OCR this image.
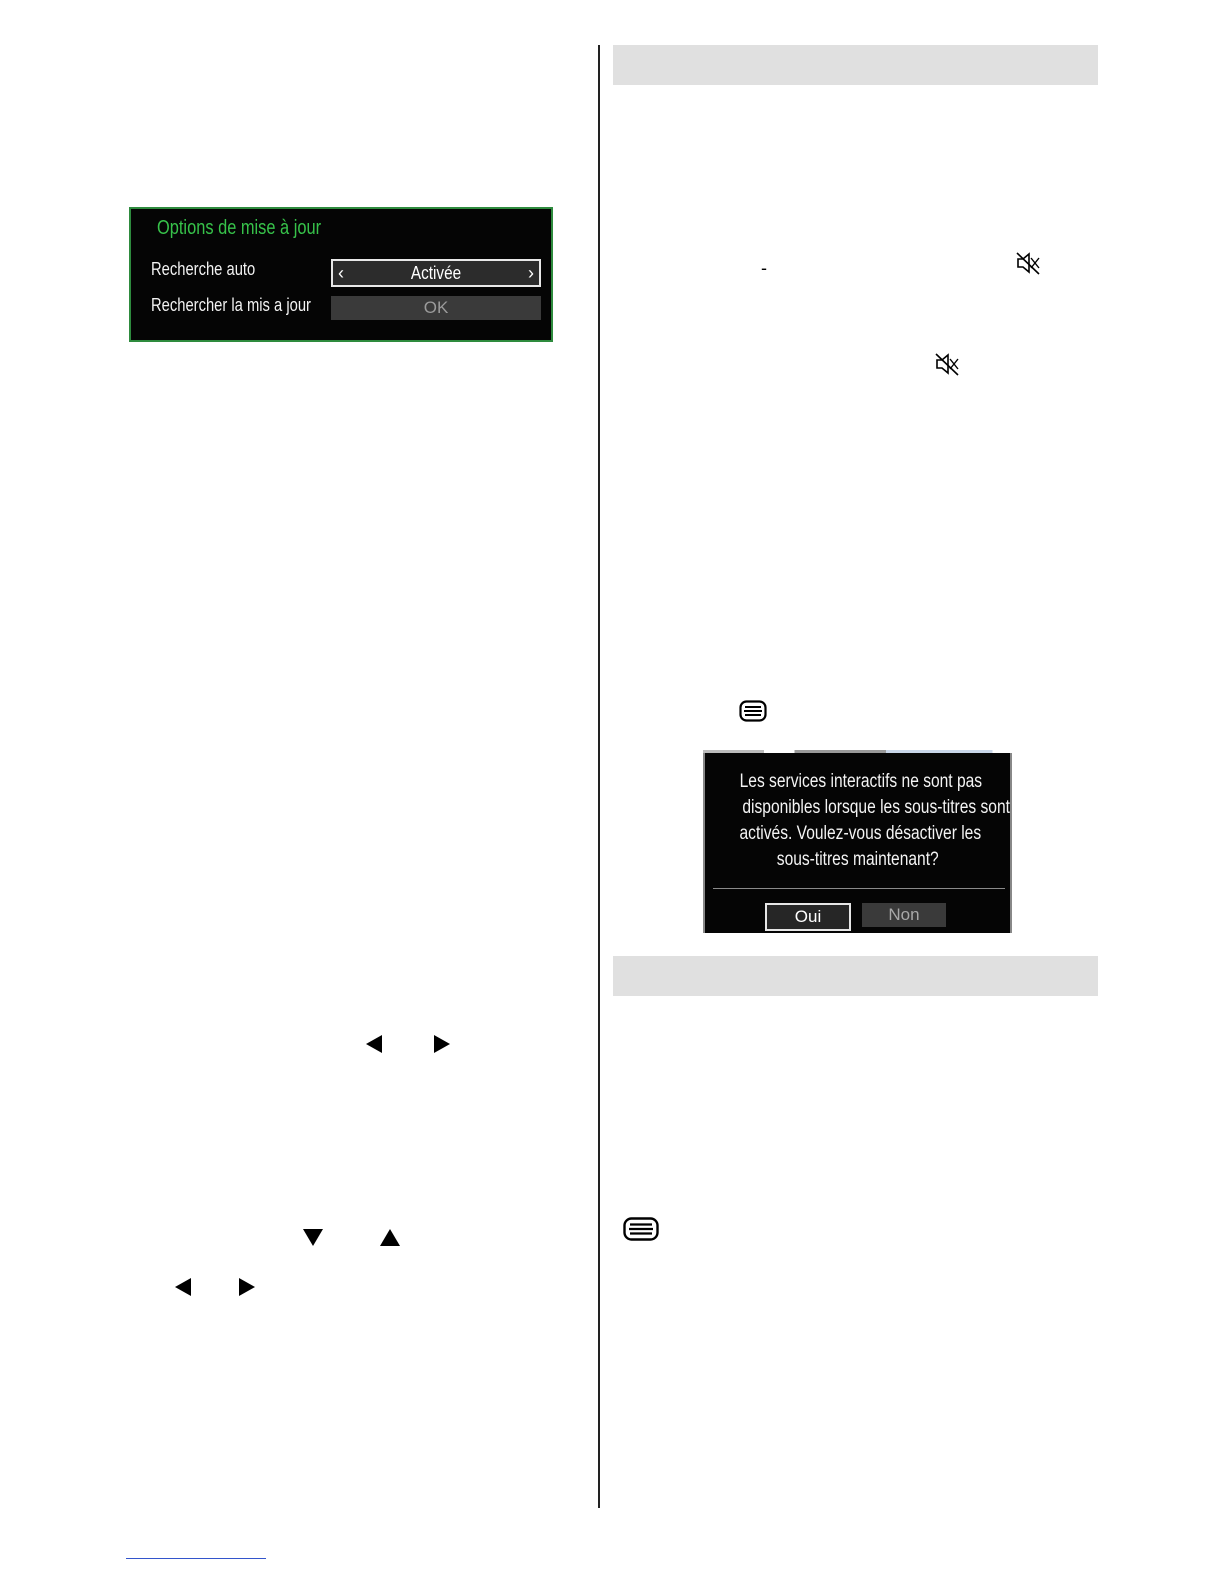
Options de mise à jour
Recherche auto	‹	Activée	›
Rechercher la mis a jour	OK
-
Les services interactifs ne sont pas
disponibles lorsque les sous-titres sont
activés. Voulez-vous désactiver les
sous-titres maintenant?
Oui	Non
